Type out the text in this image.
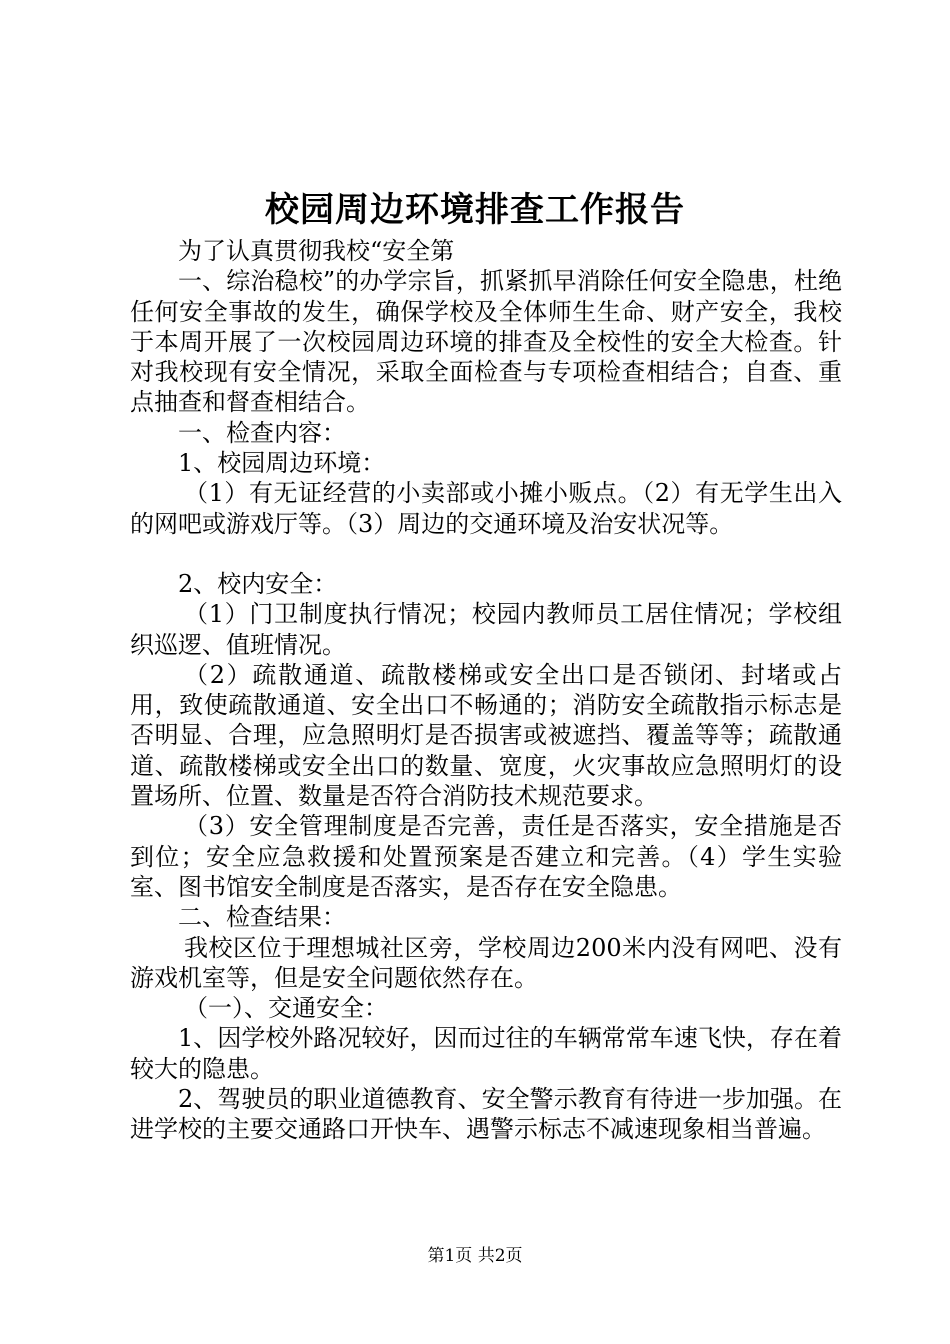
校园周边环境排查工作报告

为了认真贯彻我校“安全第

一、综治稳校”的办学宗旨，抓紧抓早消除任何安全隐患，杜绝任何安全事故的发生，确保学校及全体师生生命、财产安全，我校于本周开展了一次校园周边环境的排查及全校性的安全大检查。针对我校现有安全情况，采取全面检查与专项检查相结合；自查、重点抽查和督查相结合。

一、检查内容：

1、校园周边环境：

（1）有无证经营的小卖部或小摊小贩点。（2）有无学生出入的网吧或游戏厅等。（3）周边的交通环境及治安状况等。

2、校内安全：

（1）门卫制度执行情况；校园内教师员工居住情况；学校组织巡逻、值班情况。

（2）疏散通道、疏散楼梯或安全出口是否锁闭、封堵或占用，致使疏散通道、安全出口不畅通的；消防安全疏散指示标志是否明显、合理，应急照明灯是否损害或被遮挡、覆盖等等；疏散通道、疏散楼梯或安全出口的数量、宽度，火灾事故应急照明灯的设置场所、位置、数量是否符合消防技术规范要求。

（3）安全管理制度是否完善，责任是否落实，安全措施是否到位；安全应急救援和处置预案是否建立和完善。（4）学生实验室、图书馆安全制度是否落实，是否存在安全隐患。

二、检查结果：

我校区位于理想城社区旁，学校周边200米内没有网吧、没有游戏机室等，但是安全问题依然存在。

（一）、交通安全：

1、因学校外路况较好，因而过往的车辆常常车速飞快，存在着较大的隐患。

2、驾驶员的职业道德教育、安全警示教育有待进一步加强。在进学校的主要交通路口开快车、遇警示标志不减速现象相当普遍。

第1页 共2页
